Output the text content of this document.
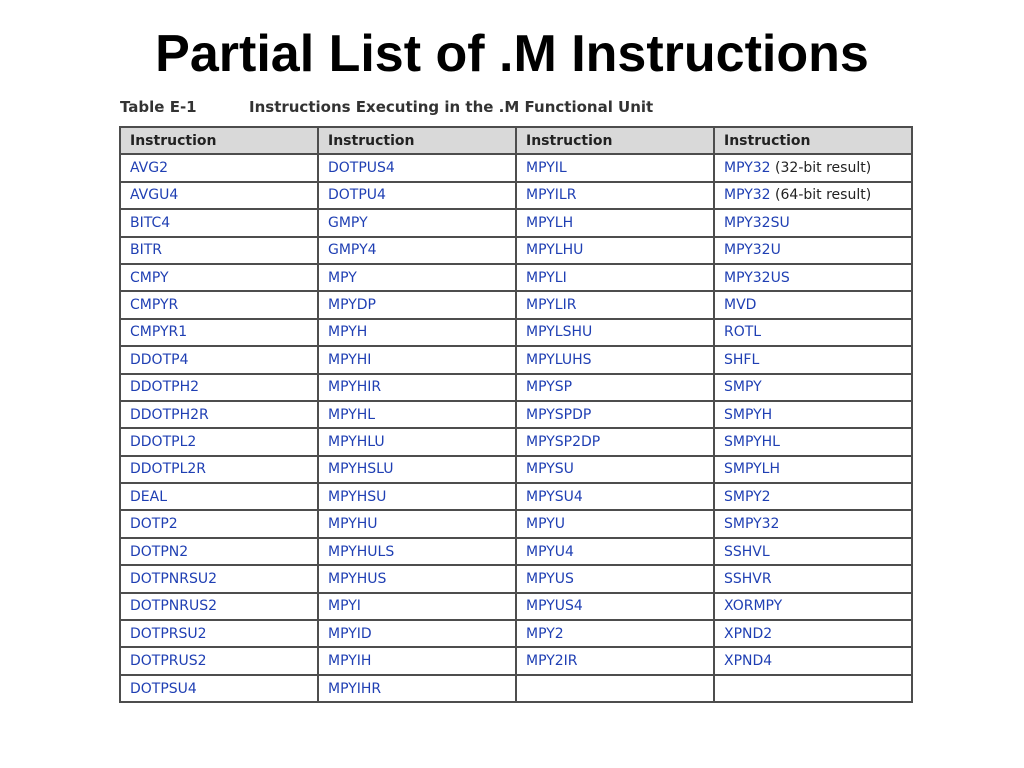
Partial List of .M Instructions
Table E-1	Instructions Executing in the .M Functional Unit
Instruction	Instruction	Instruction	Instruction
AVG2	DOTPUS4	MPYIL	MPY32 (32-bit result)
AVGU4	DOTPU4	MPYILR	MPY32 (64-bit result)
BITC4	GMPY	MPYLH	MPY32SU
BITR	GMPY4	MPYLHU	MPY32U
CMPY	MPY	MPYLI	MPY32US
CMPYR	MPYDP	MPYLIR	MVD
CMPYR1	MPYH	MPYLSHU	ROTL
DDOTP4	MPYHI	MPYLUHS	SHFL
DDOTPH2	MPYHIR	MPYSP	SMPY
DDOTPH2R	MPYHL	MPYSPDP	SMPYH
DDOTPL2	MPYHLU	MPYSP2DP	SMPYHL
DDOTPL2R	MPYHSLU	MPYSU	SMPYLH
DEAL	MPYHSU	MPYSU4	SMPY2
DOTP2	MPYHU	MPYU	SMPY32
DOTPN2	MPYHULS	MPYU4	SSHVL
DOTPNRSU2	MPYHUS	MPYUS	SSHVR
DOTPNRUS2	MPYI	MPYUS4	XORMPY
DOTPRSU2	MPYID	MPY2	XPND2
DOTPRUS2	MPYIH	MPY2IR	XPND4
DOTPSU4	MPYIHR		
